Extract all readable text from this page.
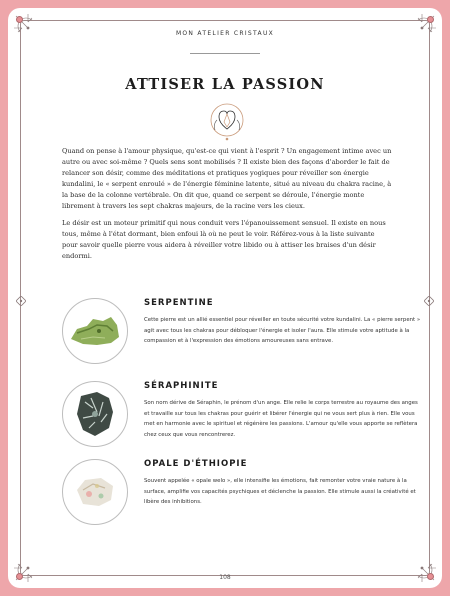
MON ATELIER CRISTAUX
ATTISER LA PASSION

Quand on pense à l'amour physique, qu'est-ce qui vient à l'esprit ? Un engagement intime avec un autre ou avec soi-même ? Quels sens sont mobilisés ? Il existe bien des façons d'aborder le fait de relancer son désir, comme des méditations et pratiques yogiques pour réveiller son énergie kundalini, le « serpent enroulé » de l'énergie féminine latente, situé au niveau du chakra racine, à la base de la colonne vertébrale. On dit que, quand ce serpent se déroule, l'énergie monte librement à travers les sept chakras majeurs, de la racine vers les cieux.

Le désir est un moteur primitif qui nous conduit vers l'épanouissement sensuel. Il existe en nous tous, même à l'état dormant, bien enfoui là où ne peut le voir. Référez-vous à la liste suivante pour savoir quelle pierre vous aidera à réveiller votre libido ou à attiser les braises d'un désir endormi.

SERPENTINE
Cette pierre est un allié essentiel pour réveiller en toute sécurité votre kundalini. La « pierre serpent » agit avec tous les chakras pour débloquer l'énergie et isoler l'aura. Elle stimule votre aptitude à la compassion et à l'expression des émotions amoureuses sans entrave.
SÉRAPHINITE
Son nom dérive de Séraphin, le prénom d'un ange. Elle relie le corps terrestre au royaume des anges et travaille sur tous les chakras pour guérir et libérer l'énergie qui ne vous sert plus à rien. Elle vous met en harmonie avec le spirituel et régénère les passions. L'amour qu'elle vous apporte se reflètera chez ceux que vous rencontrerez.
OPALE D'ÉTHIOPIE
Souvent appelée « opale welo », elle intensifie les émotions, fait remonter votre vraie nature à la surface, amplifie vos capacités psychiques et déclenche la passion. Elle stimule aussi la créativité et libère des inhibitions.
108
